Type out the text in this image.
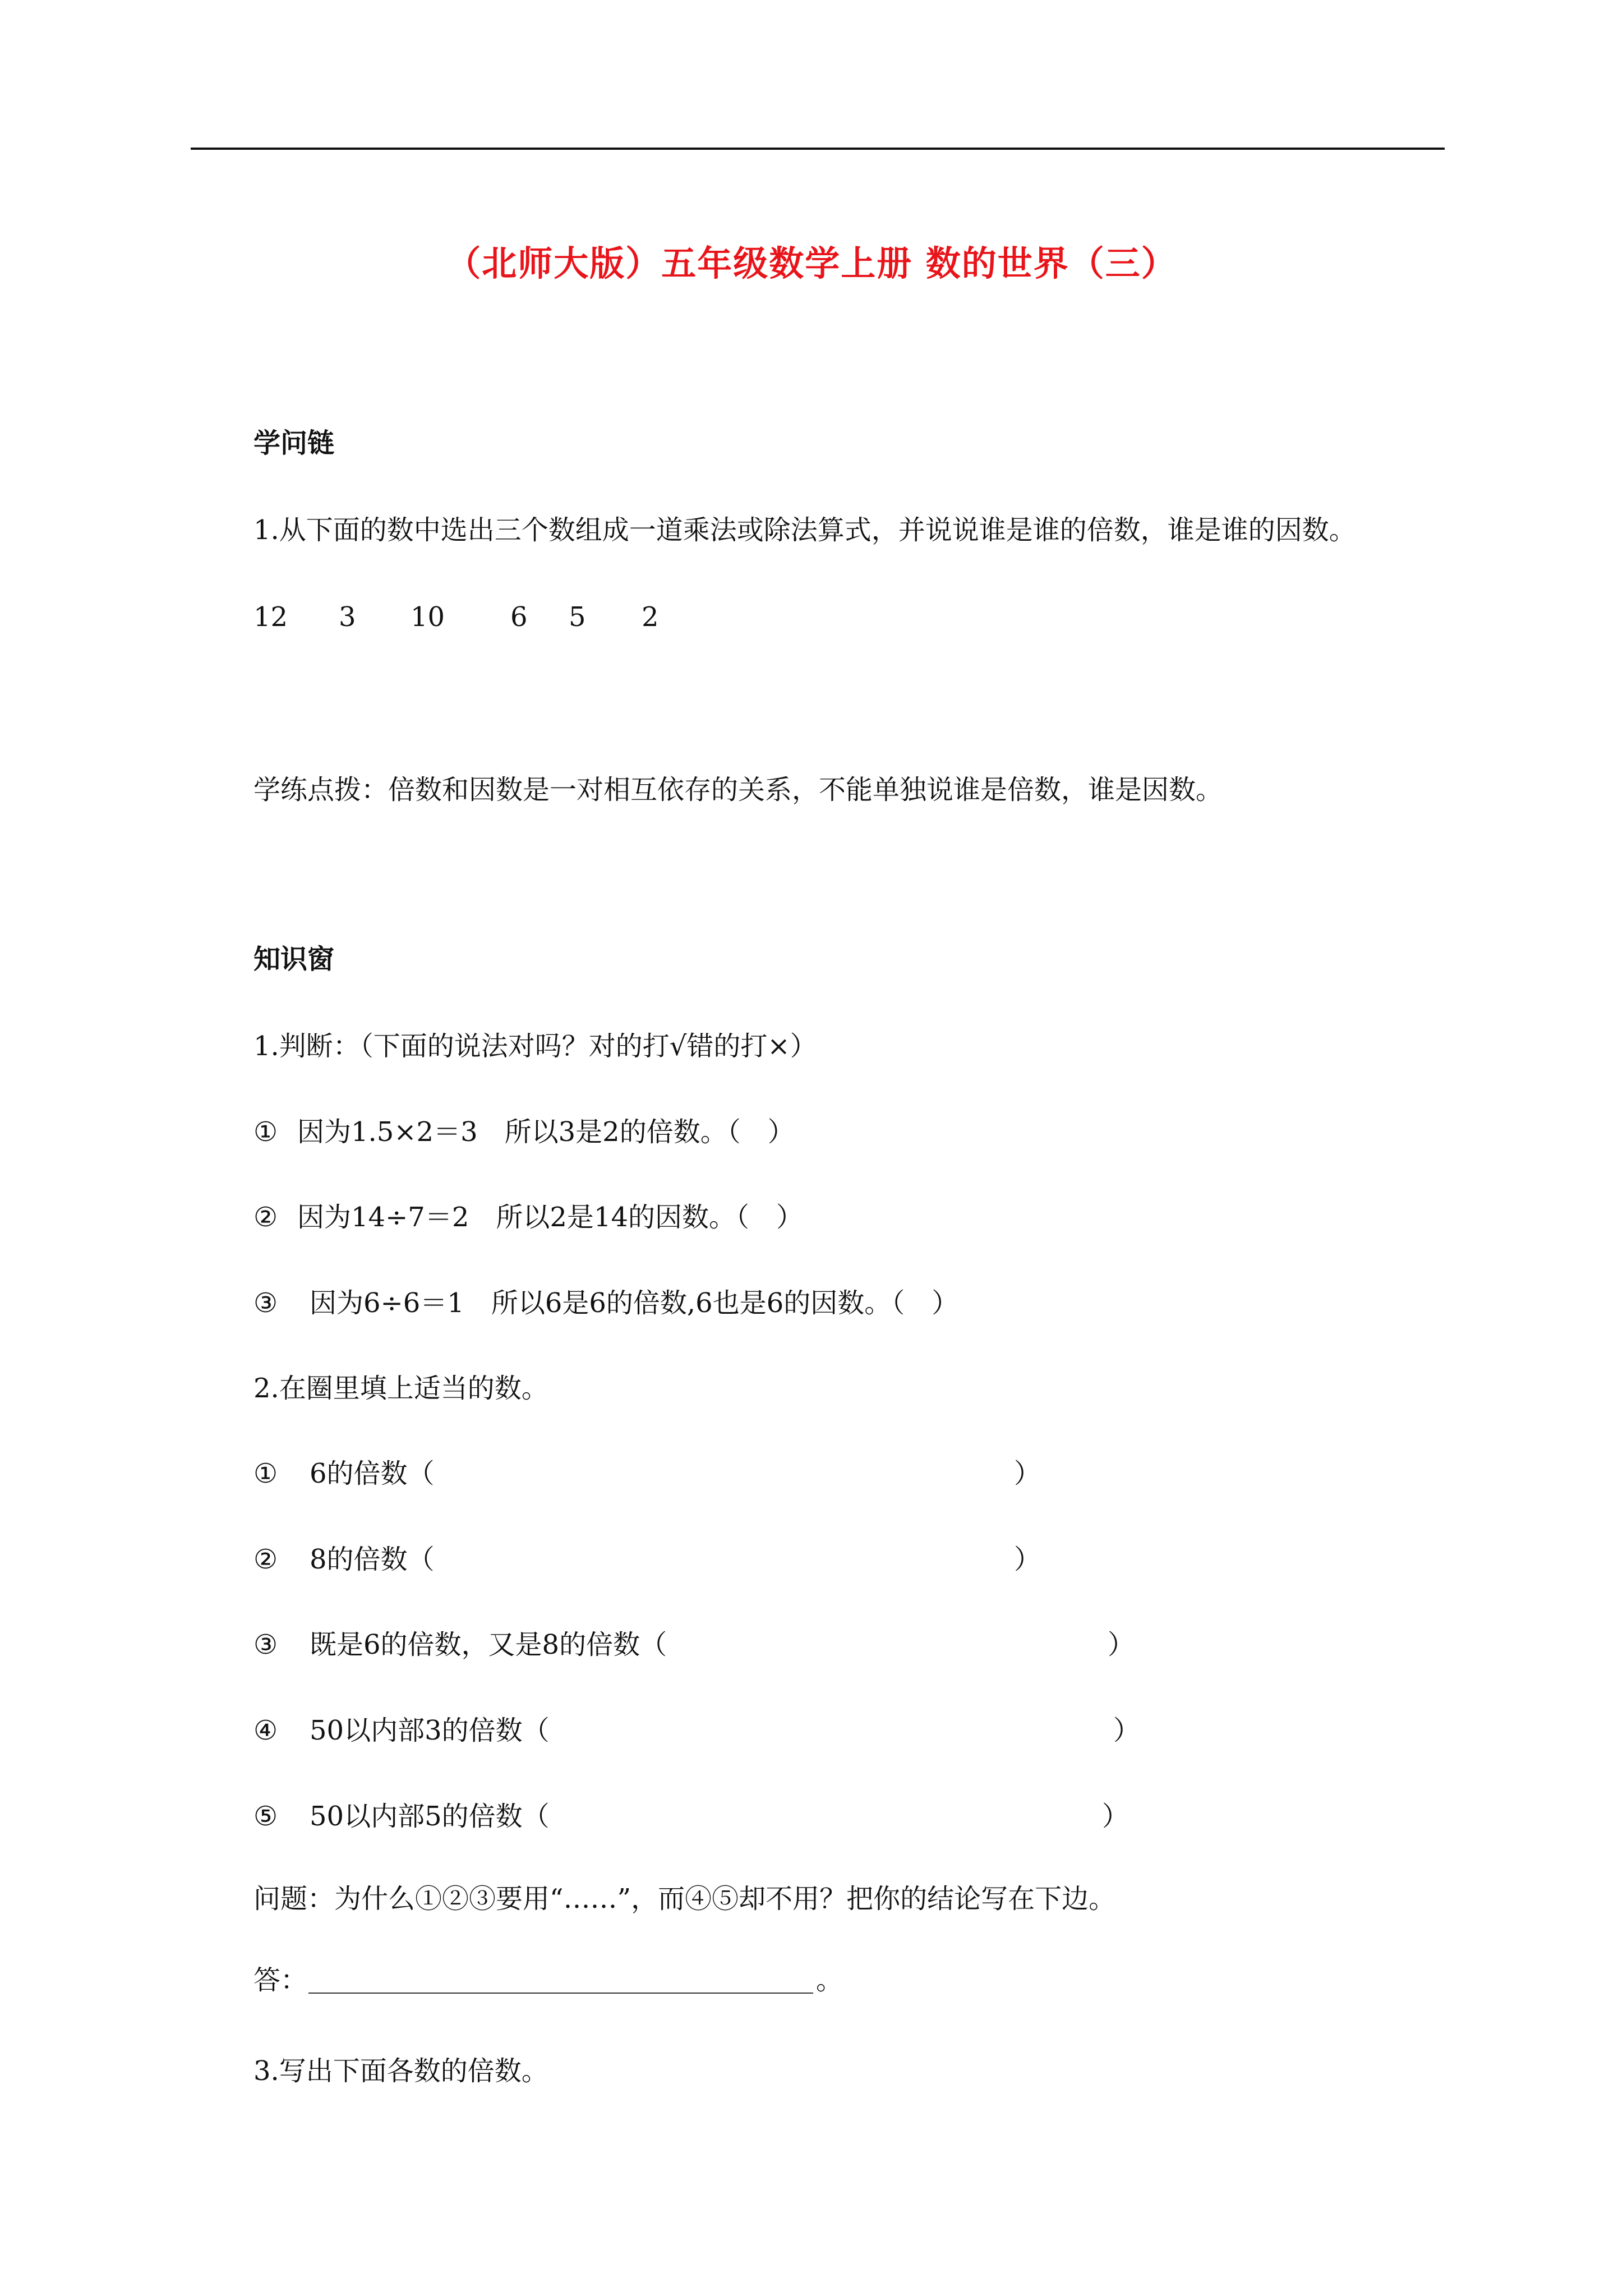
（北师大版）五年级数学上册 数的世界（三）
学问链
1.从下面的数中选出三个数组成一道乘法或除法算式，并说说谁是谁的倍数，谁是谁的因数。
12 3 10 6 5 2
学练点拨：倍数和因数是一对相互依存的关系，不能单独说谁是倍数，谁是因数。
知识窗
1.判断：（下面的说法对吗？对的打√错的打×）
① 因为1.5×2＝3　所以3是2的倍数。（　）
② 因为14÷7＝2　所以2是14的因数。（　）
③ 因为6÷6＝1　所以6是6的倍数,6也是6的因数。（　）
2.在圈里填上适当的数。
① 6的倍数（	）
② 8的倍数（	）
③ 既是6的倍数，又是8的倍数（	）
④ 50以内部3的倍数（	）
⑤ 50以内部5的倍数（	）
问题：为什么①②③要用“……”，而④⑤却不用？把你的结论写在下边。
答：	。
3.写出下面各数的倍数。
